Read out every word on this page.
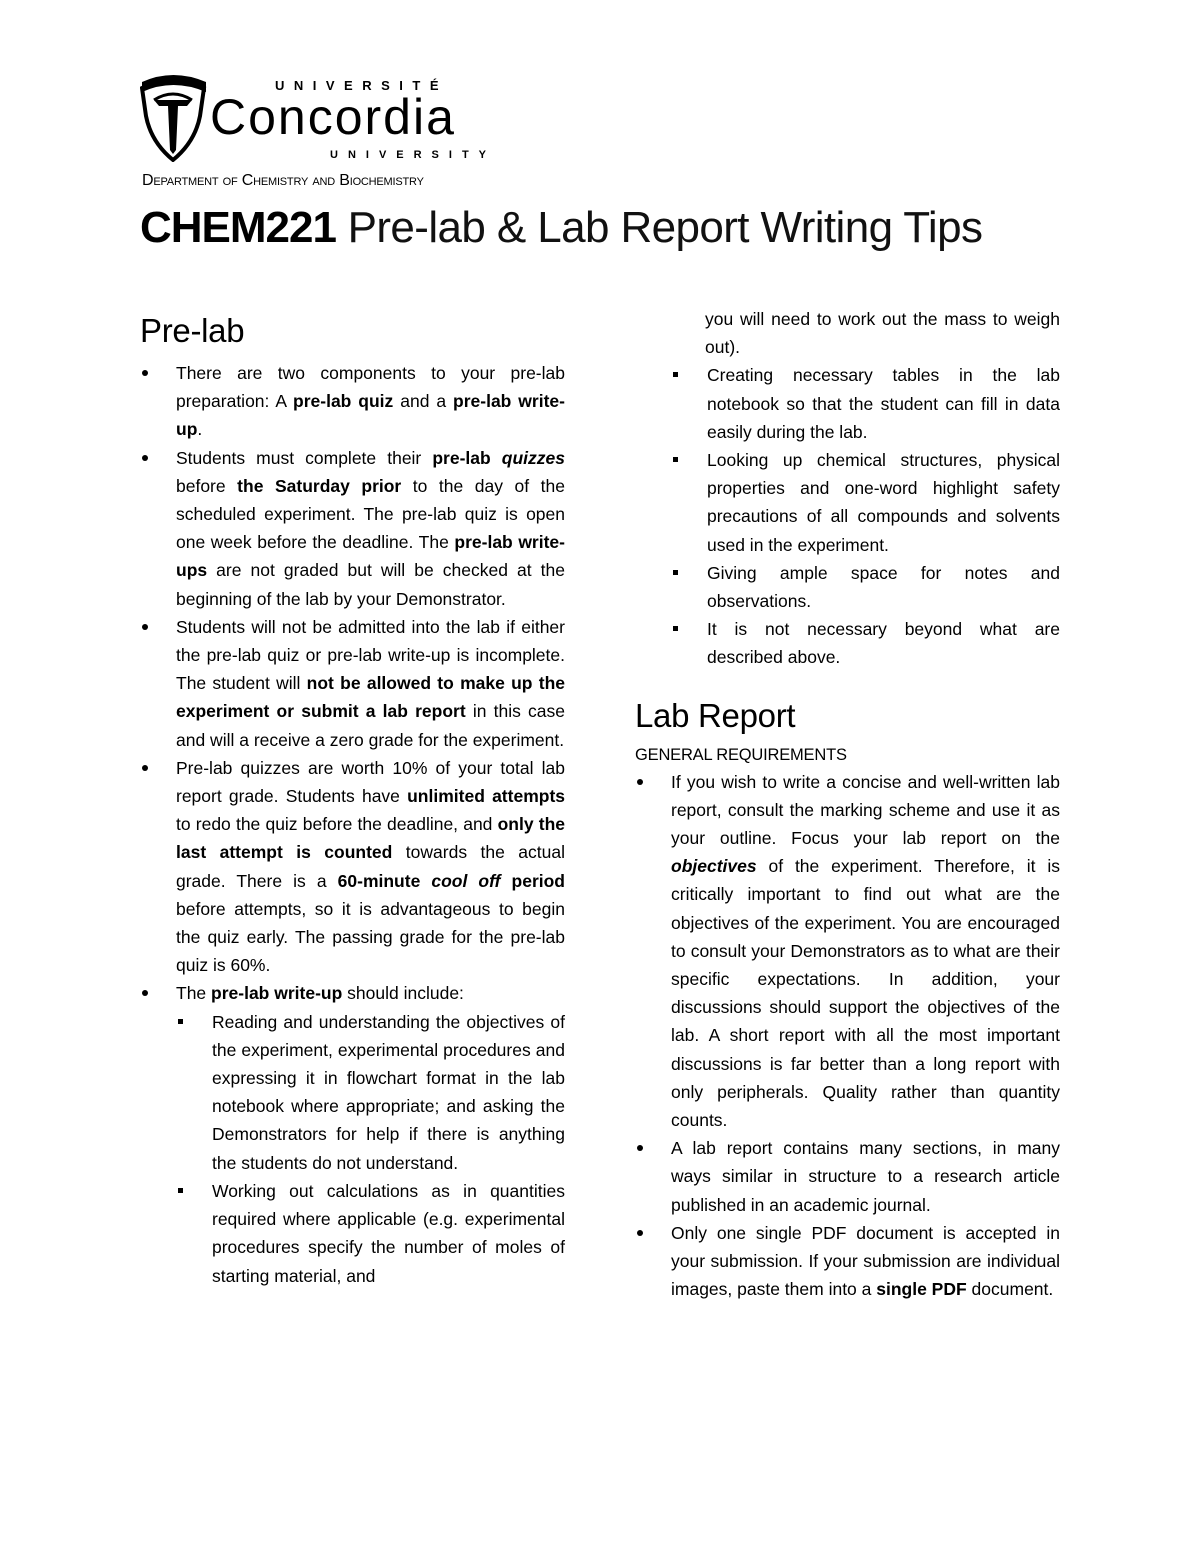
UNIVERSITÉ
Concordia
UNIVERSITY
Department of Chemistry and Biochemistry
CHEM221 Pre-lab & Lab Report Writing Tips
Pre-lab
There are two components to your pre-lab preparation: A pre-lab quiz and a pre-lab write-up.
Students must complete their pre-lab quizzes before the Saturday prior to the day of the scheduled experiment. The pre-lab quiz is open one week before the deadline. The pre-lab write-ups are not graded but will be checked at the beginning of the lab by your Demonstrator.
Students will not be admitted into the lab if either the pre-lab quiz or pre-lab write-up is incomplete. The student will not be allowed to make up the experiment or submit a lab report in this case and will a receive a zero grade for the experiment.
Pre-lab quizzes are worth 10% of your total lab report grade. Students have unlimited attempts to redo the quiz before the deadline, and only the last attempt is counted towards the actual grade. There is a 60-minute cool off period before attempts, so it is advantageous to begin the quiz early. The passing grade for the pre-lab quiz is 60%.
The pre-lab write-up should include:
Reading and understanding the objectives of the experiment, experimental procedures and expressing it in flowchart format in the lab notebook where appropriate; and asking the Demonstrators for help if there is anything the students do not understand.
Working out calculations as in quantities required where applicable (e.g. experimental procedures specify the number of moles of starting material, and
you will need to work out the mass to weigh out).
Creating necessary tables in the lab notebook so that the student can fill in data easily during the lab.
Looking up chemical structures, physical properties and one-word highlight safety precautions of all compounds and solvents used in the experiment.
Giving ample space for notes and observations.
It is not necessary beyond what are described above.
Lab Report

GENERAL REQUIREMENTS

If you wish to write a concise and well-written lab report, consult the marking scheme and use it as your outline. Focus your lab report on the objectives of the experiment. Therefore, it is critically important to find out what are the objectives of the experiment. You are encouraged to consult your Demonstrators as to what are their specific expectations. In addition, your discussions should support the objectives of the lab. A short report with all the most important discussions is far better than a long report with only peripherals. Quality rather than quantity counts.
A lab report contains many sections, in many ways similar in structure to a research article published in an academic journal.
Only one single PDF document is accepted in your submission. If your submission are individual images, paste them into a single PDF document.
